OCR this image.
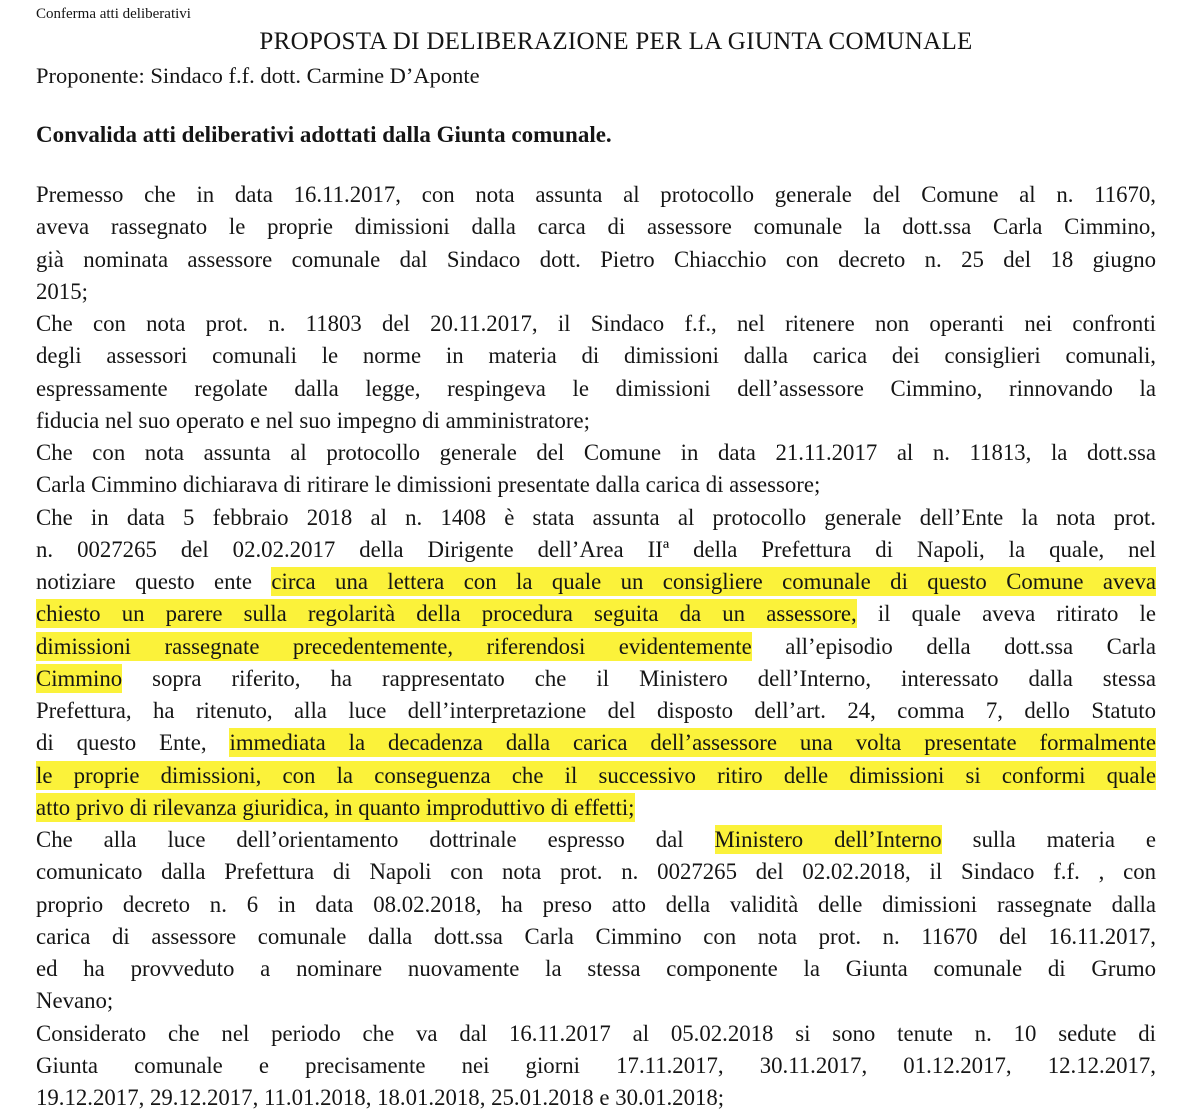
Conferma atti deliberativi
PROPOSTA DI DELIBERAZIONE PER LA GIUNTA COMUNALE
Proponente: Sindaco f.f. dott. Carmine D’Aponte
Convalida atti deliberativi adottati dalla Giunta comunale.
Premesso che in data 16.11.2017, con nota assunta al protocollo generale del Comune al n. 11670,
aveva rassegnato le proprie dimissioni dalla carca di assessore comunale la dott.ssa Carla Cimmino,
già nominata assessore comunale dal Sindaco dott. Pietro Chiacchio con decreto n. 25 del 18 giugno
2015;
Che con nota prot. n. 11803 del 20.11.2017, il Sindaco f.f., nel ritenere non operanti nei confronti
degli assessori comunali le norme in materia di dimissioni dalla carica dei consiglieri comunali,
espressamente regolate dalla legge, respingeva le dimissioni dell’assessore Cimmino, rinnovando la
fiducia nel suo operato e nel suo impegno di amministratore;
Che con nota assunta al protocollo generale del Comune in data 21.11.2017 al n. 11813, la dott.ssa
Carla Cimmino dichiarava di ritirare le dimissioni presentate dalla carica di assessore;
Che in data 5 febbraio 2018 al n. 1408 è stata assunta al protocollo generale dell’Ente la nota prot.
n. 0027265 del 02.02.2017 della Dirigente dell’Area IIª della Prefettura di Napoli, la quale, nel
notiziare questo ente circa una lettera con la quale un consigliere comunale di questo Comune aveva
chiesto un parere sulla regolarità della procedura seguita da un assessore, il quale aveva ritirato le
dimissioni rassegnate precedentemente, riferendosi evidentemente all’episodio della dott.ssa Carla
Cimmino sopra riferito, ha rappresentato che il Ministero dell’Interno, interessato dalla stessa
Prefettura, ha ritenuto, alla luce dell’interpretazione del disposto dell’art. 24, comma 7, dello Statuto
di questo Ente, immediata la decadenza dalla carica dell’assessore una volta presentate formalmente
le proprie dimissioni, con la conseguenza che il successivo ritiro delle dimissioni si conformi quale
atto privo di rilevanza giuridica, in quanto improduttivo di effetti;
Che alla luce dell’orientamento dottrinale espresso dal Ministero dell’Interno sulla materia e
comunicato dalla Prefettura di Napoli con nota prot. n. 0027265 del 02.02.2018, il Sindaco f.f. , con
proprio decreto n. 6 in data 08.02.2018, ha preso atto della validità delle dimissioni rassegnate dalla
carica di assessore comunale dalla dott.ssa Carla Cimmino con nota prot. n. 11670 del 16.11.2017,
ed ha provveduto a nominare nuovamente la stessa componente la Giunta comunale di Grumo
Nevano;
Considerato che nel periodo che va dal 16.11.2017 al 05.02.2018 si sono tenute n. 10 sedute di
Giunta comunale e precisamente nei giorni 17.11.2017, 30.11.2017, 01.12.2017, 12.12.2017,
19.12.2017, 29.12.2017, 11.01.2018, 18.01.2018, 25.01.2018 e 30.01.2018;
